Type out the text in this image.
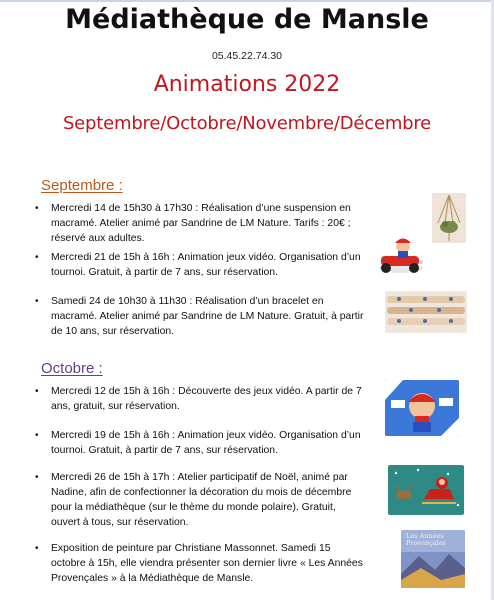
Médiathèque de Mansle
05.45.22.74.30
Animations 2022
Septembre/Octobre/Novembre/Décembre
Septembre :
• Mercredi 14 de 15h30 à 17h30 : Réalisation d’une suspension en macramé. Atelier animé par Sandrine de LM Nature. Tarifs : 20€ ; réservé aux adultes.
• Mercredi 21 de 15h à 16h : Animation jeux vidéo. Organisation d’un tournoi. Gratuit, à partir de 7 ans, sur réservation.
• Samedi 24 de 10h30 à 11h30 : Réalisation d’un bracelet en macramé. Atelier animé par Sandrine de LM Nature. Gratuit, à partir de 10 ans, sur réservation.
Octobre :
• Mercredi 12 de 15h à 16h : Découverte des jeux vidéo. A partir de 7 ans, gratuit, sur réservation.
• Mercredi 19 de 15h à 16h : Animation jeux vidéo. Organisation d’un tournoi. Gratuit, à partir de 7 ans, sur réservation.
• Mercredi 26 de 15h à 17h : Atelier participatif de Noël, animé par Nadine, afin de confectionner la décoration du mois de décembre pour la médiathèque (sur le thème du monde polaire). Gratuit, ouvert à tous, sur réservation.
• Exposition de peinture par Christiane Massonnet. Samedi 15 octobre à 15h, elle viendra présenter son dernier livre « Les Années Provençales » à la Médiathèque de Mansle.
Les Années Provençales
